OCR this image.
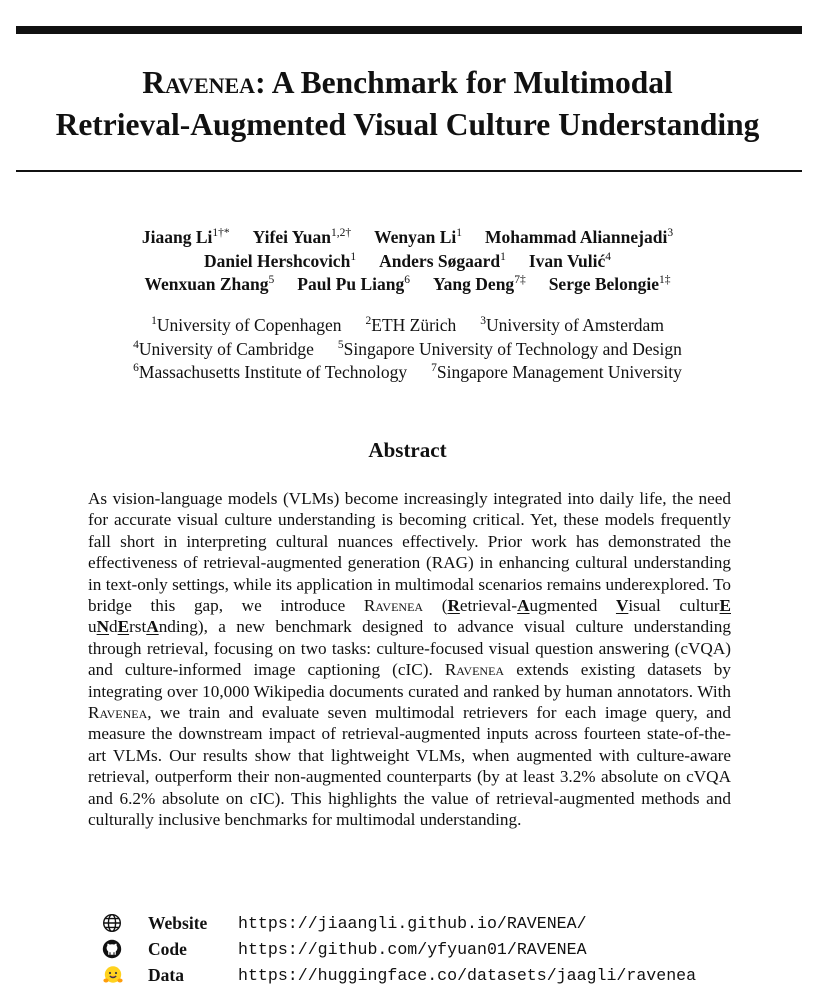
Ravenea: A Benchmark for Multimodal
Retrieval-Augmented Visual Culture Understanding
Jiaang $Li^{1\dagger*}$ Yifei Yuan$^{1,2\dagger}$ Wenyan Li$^1$ Mohammad Aliannejadi$^3$
Daniel Hershcovich$^1$ Anders Søgaard$^1$ Ivan Vulić$^4$
Wenxuan Zhang$^5$ Paul Pu Liang$^6$ Yang Deng$^{7\ddagger}$ Serge Belongie$^{1\ddagger}$
$^1$University of Copenhagen $^2$ETH Zürich $^3$University of Amsterdam
$^4$University of Cambridge $^5$Singapore University of Technology and Design
$^6$Massachusetts Institute of Technology $^7$Singapore Management University
Abstract

As vision-language models (VLMs) become increasingly integrated into daily life, the need for accurate visual culture understanding is becoming critical. Yet, these models frequently fall short in interpreting cultural nuances effectively. Prior work has demonstrated the effectiveness of retrieval-augmented generation (RAG) in enhancing cultural understanding in text-only settings, while its application in multimodal scenarios remains underexplored. To bridge this gap, we introduce Ravenea (Retrieval-Augmented Visual culturE uNdErstAnding), a new benchmark designed to advance visual culture understanding through retrieval, focusing on two tasks: culture-focused visual question answering (cVQA) and culture-informed image captioning (cIC). Ravenea extends existing datasets by integrating over 10,000 Wikipedia documents curated and ranked by human annotators. With Ravenea, we train and evaluate seven multimodal retrievers for each image query, and measure the downstream impact of retrieval-augmented inputs across fourteen state-of-the-art VLMs. Our results show that lightweight VLMs, when augmented with culture-aware retrieval, outperform their non-augmented counterparts (by at least 3.2% absolute on cVQA and 6.2% absolute on cIC). This highlights the value of retrieval-augmented methods and culturally inclusive benchmarks for multimodal understanding.

Website	https://jiaangli.github.io/RAVENEA/
Code	https://github.com/yfyuan01/RAVENEA
Data	https://huggingface.co/datasets/jaagli/ravenea
